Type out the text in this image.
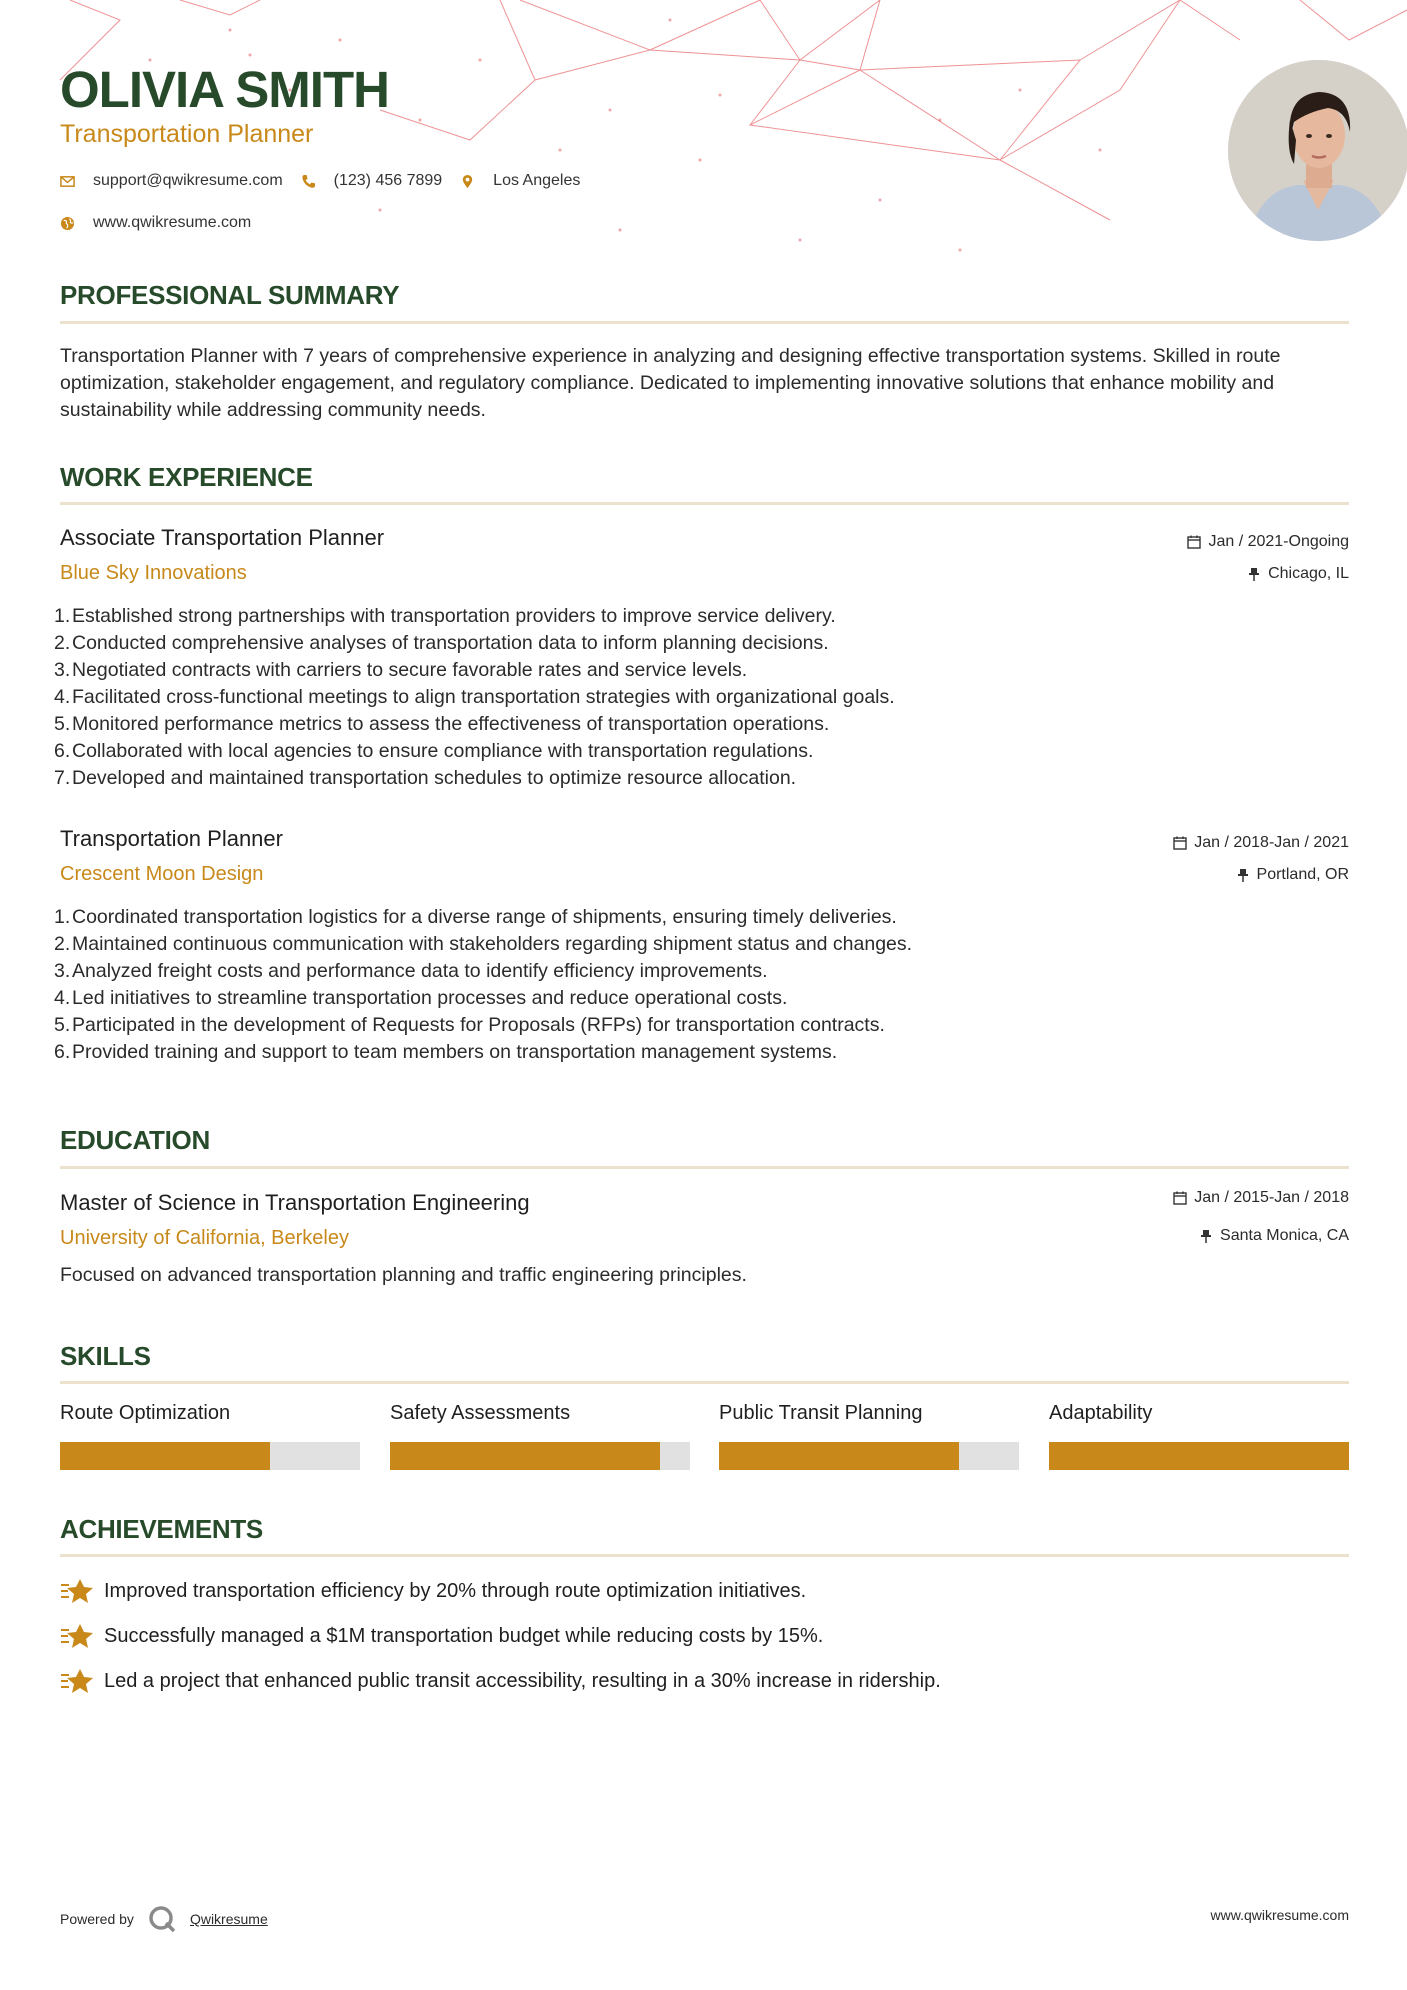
OLIVIA SMITH
Transportation Planner
support@qwikresume.com	(123) 456 7899	Los Angeles
www.qwikresume.com
PROFESSIONAL SUMMARY

Transportation Planner with 7 years of comprehensive experience in analyzing and designing effective transportation systems. Skilled in route optimization, stakeholder engagement, and regulatory compliance. Dedicated to implementing innovative solutions that enhance mobility and sustainability while addressing community needs.

WORK EXPERIENCE
Associate Transportation Planner
Blue Sky Innovations
Jan / 2021-Ongoing
Chicago, IL
1. Established strong partnerships with transportation providers to improve service delivery.
2. Conducted comprehensive analyses of transportation data to inform planning decisions.
3. Negotiated contracts with carriers to secure favorable rates and service levels.
4. Facilitated cross-functional meetings to align transportation strategies with organizational goals.
5. Monitored performance metrics to assess the effectiveness of transportation operations.
6. Collaborated with local agencies to ensure compliance with transportation regulations.
7. Developed and maintained transportation schedules to optimize resource allocation.
Transportation Planner
Crescent Moon Design
Jan / 2018-Jan / 2021
Portland, OR
1. Coordinated transportation logistics for a diverse range of shipments, ensuring timely deliveries.
2. Maintained continuous communication with stakeholders regarding shipment status and changes.
3. Analyzed freight costs and performance data to identify efficiency improvements.
4. Led initiatives to streamline transportation processes and reduce operational costs.
5. Participated in the development of Requests for Proposals (RFPs) for transportation contracts.
6. Provided training and support to team members on transportation management systems.
EDUCATION
Master of Science in Transportation Engineering
University of California, Berkeley
Jan / 2015-Jan / 2018
Santa Monica, CA

Focused on advanced transportation planning and traffic engineering principles.

SKILLS
Route Optimization	Safety Assessments	Public Transit Planning	Adaptability
ACHIEVEMENTS
Improved transportation efficiency by 20% through route optimization initiatives.
Successfully managed a $1M transportation budget while reducing costs by 15%.
Led a project that enhanced public transit accessibility, resulting in a 30% increase in ridership.
Powered by	Qwikresume	www.qwikresume.com
